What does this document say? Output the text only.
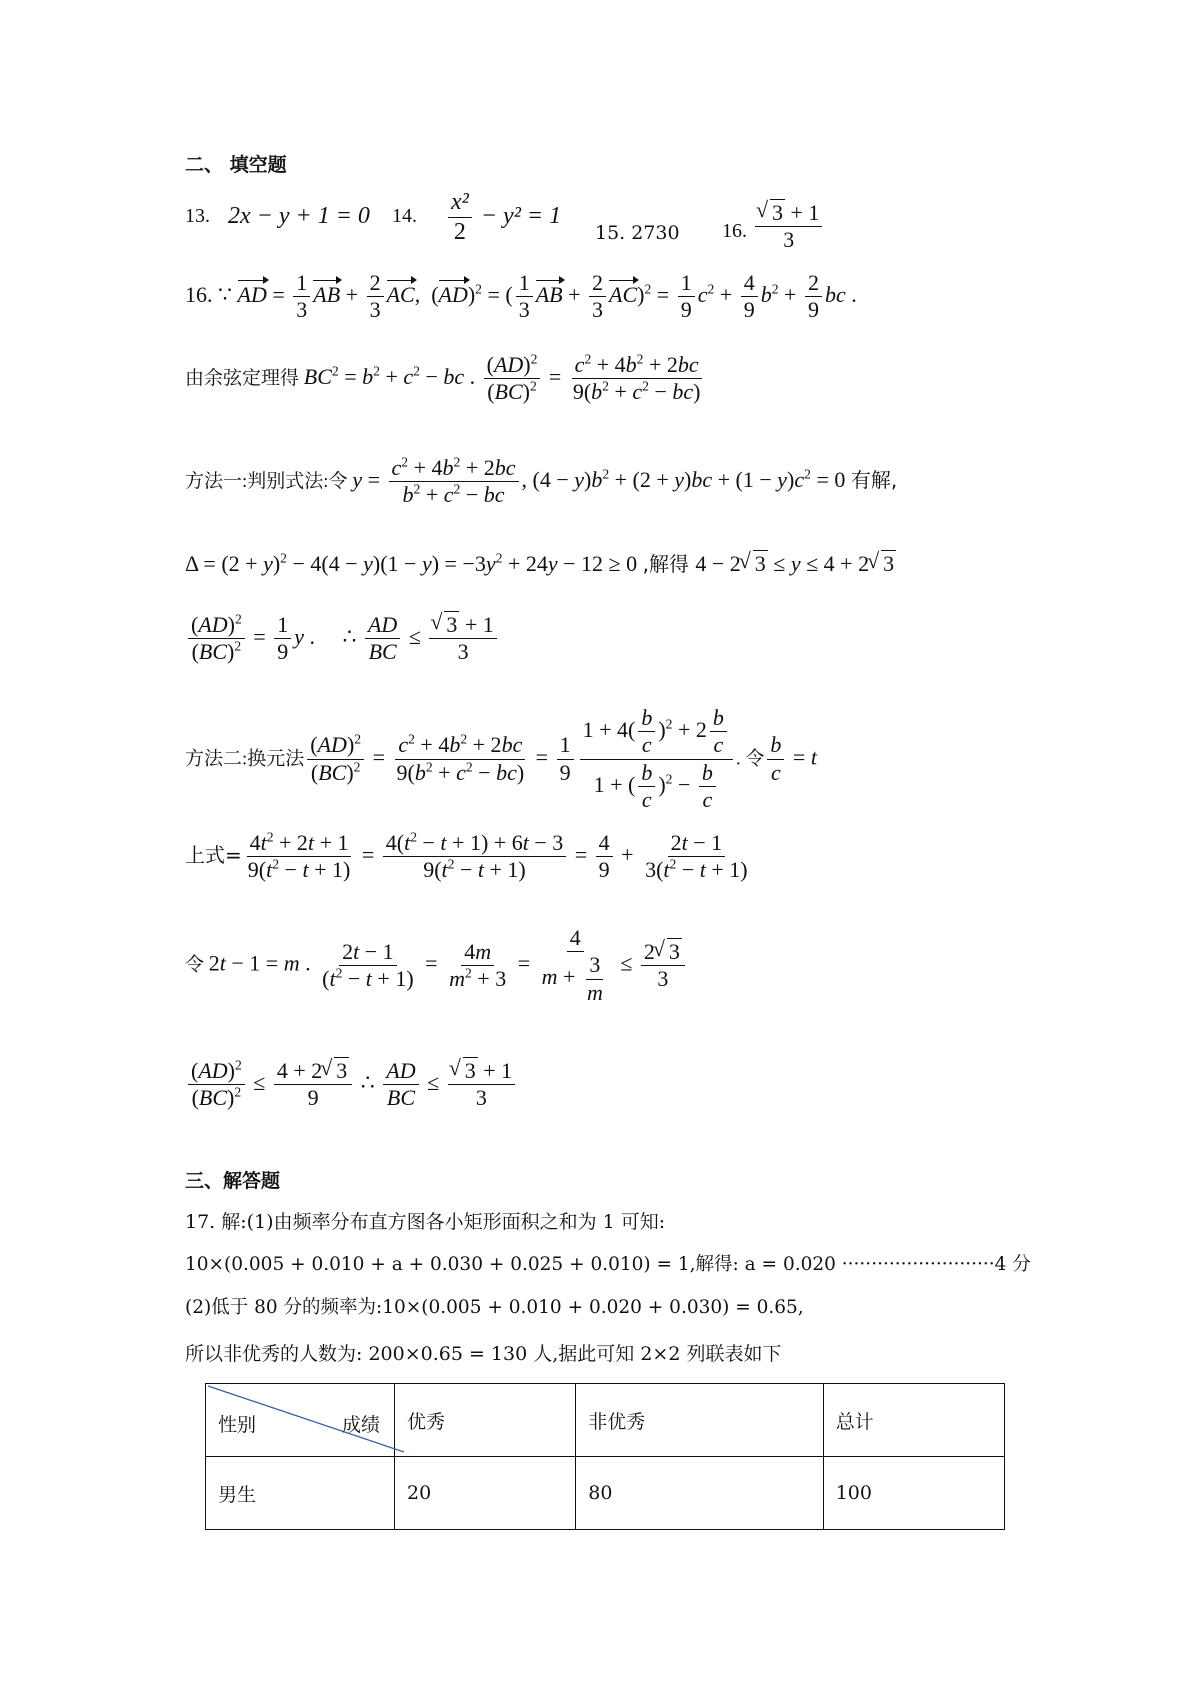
二、 填空题
13. 2x − y + 1 = 0 14. $\frac{\text{x²}}{2} - y^2 = 1$
15. 2730 16. √ $\frac{3 + 1}{3}$
16. ∵ AD = $\frac{1}{3}$ AB + $\frac{2}{3}$ AC,  (AD)$^2$ = ( $\frac{1}{3}$ AB + $\frac{2}{3} AC)^2 = \frac{1}{9} c^2 + \frac{4}{9} b^2 + \frac{2}{9}$ bc .
由余弦定理得 $BC^2 = b^2 + c^2$ − bc . $\frac{(AD)^2}{(BC)^2} = \frac{c^2 + 4b^2 + 2bc}{9(b^2 + c^2 - bc)}$
方法一:判别式法:令 $y = \frac{c^2 + 4b^2 + 2bc}{b^2 + c^2 - bc}$ , $(4 - y)b^2 + (2 + y)bc + (1 - y)c^2 = 0$ 有解,
$\Delta = (2 + y)^2 - 4(4 - y)(1 - y) = -3y^2 + 24y - 12 \ge 0$ ,解得 4 − 2 √ 3 ≤ y ≤ 4 + 2 √ 3
$\frac{(AD)^2}{(BC)^2} = \frac{1}{9}$ y .     ∴ $\frac{AD}{BC}$ ≤ √ $\frac{3 + 1}{3}$
方法二:换元法 $\frac{(AD)^2}{(BC)^2} = \frac{c^2 + 4b^2 + 2bc}{9(b^2 + c^2 - bc)} = \frac{1}{9} \frac{1 + 4( \frac{b}{c} )^2 + 2 \frac{b}{c}}{1 + ( \frac{b}{c} )^2 - \frac{b}{c}}$ . 令 $\frac{b}{c} = t$
上式= $\frac{4t^2 + 2t + 1}{9(t^2 - t + 1)} = \frac{4(t^2 - t + 1) + 6t - 3}{9(t^2 - t + 1)} = \frac{4}{9} + \frac{2t - 1}{3(t^2 - t + 1)}$
令 2t − 1 = m . $\frac{2t - 1}{(t^2 - t + 1)} = \frac{4m}{m^2 + 3} = \frac{4}{m + \frac{3}{m}} \le \frac{2 √ 3}{3}$
$\frac{(AD)^2}{(BC)^2} \le \frac{4 + 2 √ 3}{9}$ ∴ $\frac{AD}{BC}$ ≤ √ $\frac{3 + 1}{3}$
三、解答题
17. 解:(1)由频率分布直方图各小矩形面积之和为 1 可知:
10×(0.005 + 0.010 + a + 0.030 + 0.025 + 0.010) = 1,解得: a = 0.020 ··························4 分
(2)低于 80 分的频率为:10×(0.005 + 0.010 + 0.020 + 0.030) = 0.65,
所以非优秀的人数为: 200×0.65 = 130 人,据此可知 2×2 列联表如下
性别 成绩	优秀	非优秀	总计
男生	20	80	100
